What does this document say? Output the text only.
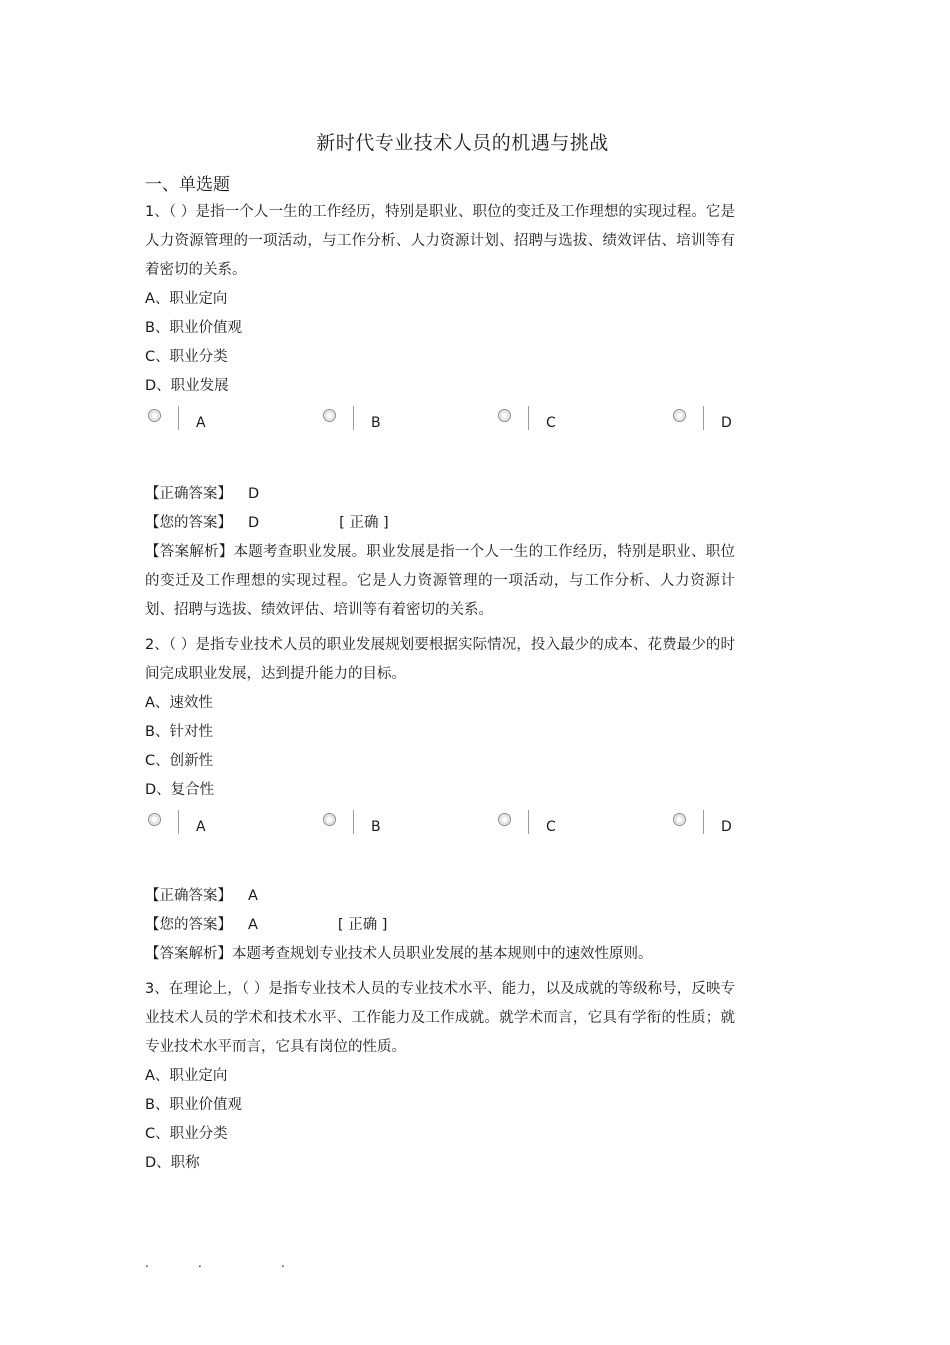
新时代专业技术人员的机遇与挑战
一、单选题
1、（ ）是指一个人一生的工作经历，特别是职业、职位的变迁及工作理想的实现过程。它是人力资源管理的一项活动，与工作分析、人力资源计划、招聘与选拔、绩效评估、培训等有着密切的关系。
A、职业定向
B、职业价值观
C、职业分类
D、职业发展
A	B	C	D
【正确答案】 D
【您的答案】 D	[ 正确 ]
【答案解析】本题考查职业发展。职业发展是指一个人一生的工作经历，特别是职业、职位的变迁及工作理想的实现过程。它是人力资源管理的一项活动，与工作分析、人力资源计划、招聘与选拔、绩效评估、培训等有着密切的关系。
2、（ ）是指专业技术人员的职业发展规划要根据实际情况，投入最少的成本、花费最少的时间完成职业发展，达到提升能力的目标。
A、速效性
B、针对性
C、创新性
D、复合性
A	B	C	D
【正确答案】 A
【您的答案】 A	[ 正确 ]
【答案解析】本题考查规划专业技术人员职业发展的基本规则中的速效性原则。
3、在理论上，（ ）是指专业技术人员的专业技术水平、能力，以及成就的等级称号，反映专业技术人员的学术和技术水平、工作能力及工作成就。就学术而言，它具有学衔的性质；就专业技术水平而言，它具有岗位的性质。
A、职业定向
B、职业价值观
C、职业分类
D、职称
.	.	.
